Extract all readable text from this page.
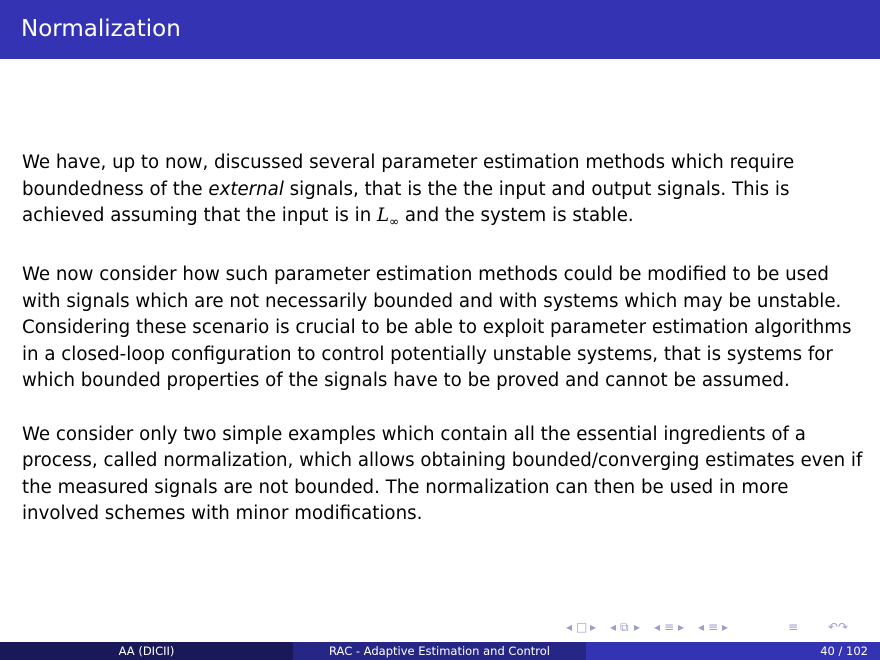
Normalization

We have, up to now, discussed several parameter estimation methods which require boundedness of the external signals, that is the the input and output signals. This is achieved assuming that the input is in $L_\infty$ and the system is stable.

We now consider how such parameter estimation methods could be modified to be used with signals which are not necessarily bounded and with systems which may be unstable. Considering these scenario is crucial to be able to exploit parameter estimation algorithms in a closed-loop configuration to control potentially unstable systems, that is systems for which bounded properties of the signals have to be proved and cannot be assumed.

We consider only two simple examples which contain all the essential ingredients of a process, called normalization, which allows obtaining bounded/converging estimates even if the measured signals are not bounded. The normalization can then be used in more involved schemes with minor modifications.

◂ □ ▸ ◂ ⧉ ▸ ◂ ≡ ▸ ◂ ≡ ▸	≡ ↶↷
AA (DICII)	RAC - Adaptive Estimation and Control	40 / 102
